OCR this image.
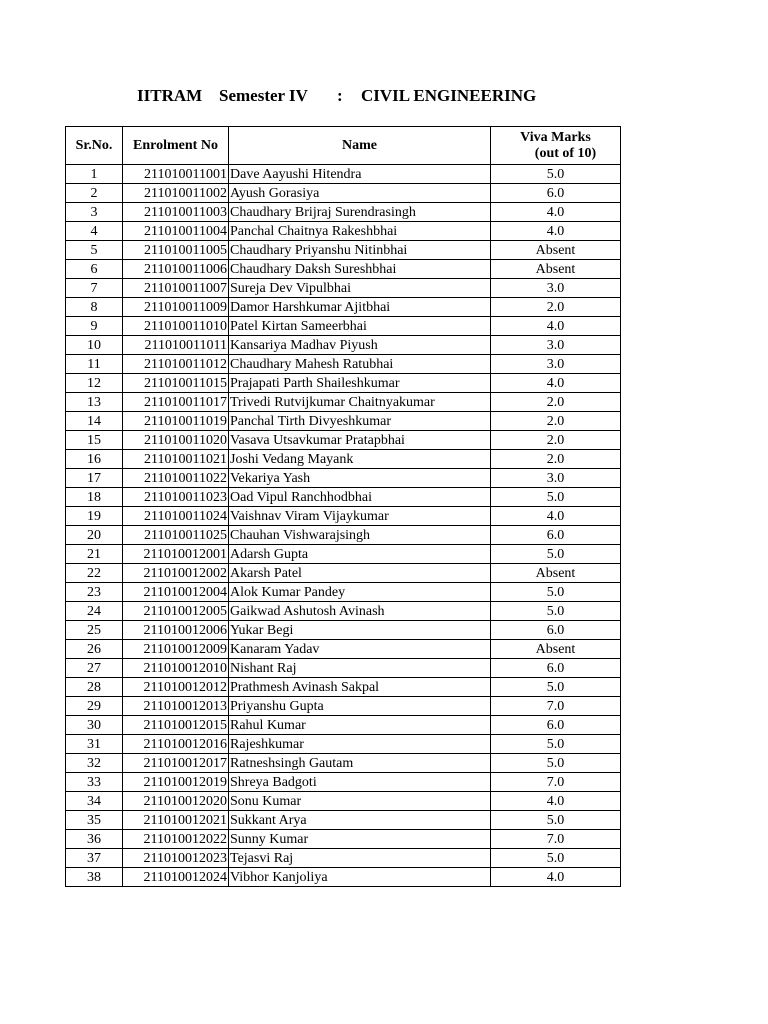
IITRAM Semester IV : CIVIL ENGINEERING
Sr.No.	Enrolment No	Name	Viva Marks
(out of 10)

1	211010011001	Dave Aayushi Hitendra	5.0
2	211010011002	Ayush Gorasiya	6.0
3	211010011003	Chaudhary Brijraj Surendrasingh	4.0
4	211010011004	Panchal Chaitnya Rakeshbhai	4.0
5	211010011005	Chaudhary Priyanshu Nitinbhai	Absent
6	211010011006	Chaudhary Daksh Sureshbhai	Absent
7	211010011007	Sureja Dev Vipulbhai	3.0
8	211010011009	Damor Harshkumar Ajitbhai	2.0
9	211010011010	Patel Kirtan Sameerbhai	4.0
10	211010011011	Kansariya Madhav Piyush	3.0
11	211010011012	Chaudhary Mahesh Ratubhai	3.0
12	211010011015	Prajapati Parth Shaileshkumar	4.0
13	211010011017	Trivedi Rutvijkumar Chaitnyakumar	2.0
14	211010011019	Panchal Tirth Divyeshkumar	2.0
15	211010011020	Vasava Utsavkumar Pratapbhai	2.0
16	211010011021	Joshi Vedang Mayank	2.0
17	211010011022	Vekariya Yash	3.0
18	211010011023	Oad Vipul Ranchhodbhai	5.0
19	211010011024	Vaishnav Viram Vijaykumar	4.0
20	211010011025	Chauhan Vishwarajsingh	6.0
21	211010012001	Adarsh Gupta	5.0
22	211010012002	Akarsh Patel	Absent
23	211010012004	Alok Kumar Pandey	5.0
24	211010012005	Gaikwad Ashutosh Avinash	5.0
25	211010012006	Yukar Begi	6.0
26	211010012009	Kanaram Yadav	Absent
27	211010012010	Nishant Raj	6.0
28	211010012012	Prathmesh Avinash Sakpal	5.0
29	211010012013	Priyanshu Gupta	7.0
30	211010012015	Rahul Kumar	6.0
31	211010012016	Rajeshkumar	5.0
32	211010012017	Ratneshsingh Gautam	5.0
33	211010012019	Shreya Badgoti	7.0
34	211010012020	Sonu Kumar	4.0
35	211010012021	Sukkant Arya	5.0
36	211010012022	Sunny Kumar	7.0
37	211010012023	Tejasvi Raj	5.0
38	211010012024	Vibhor Kanjoliya	4.0
